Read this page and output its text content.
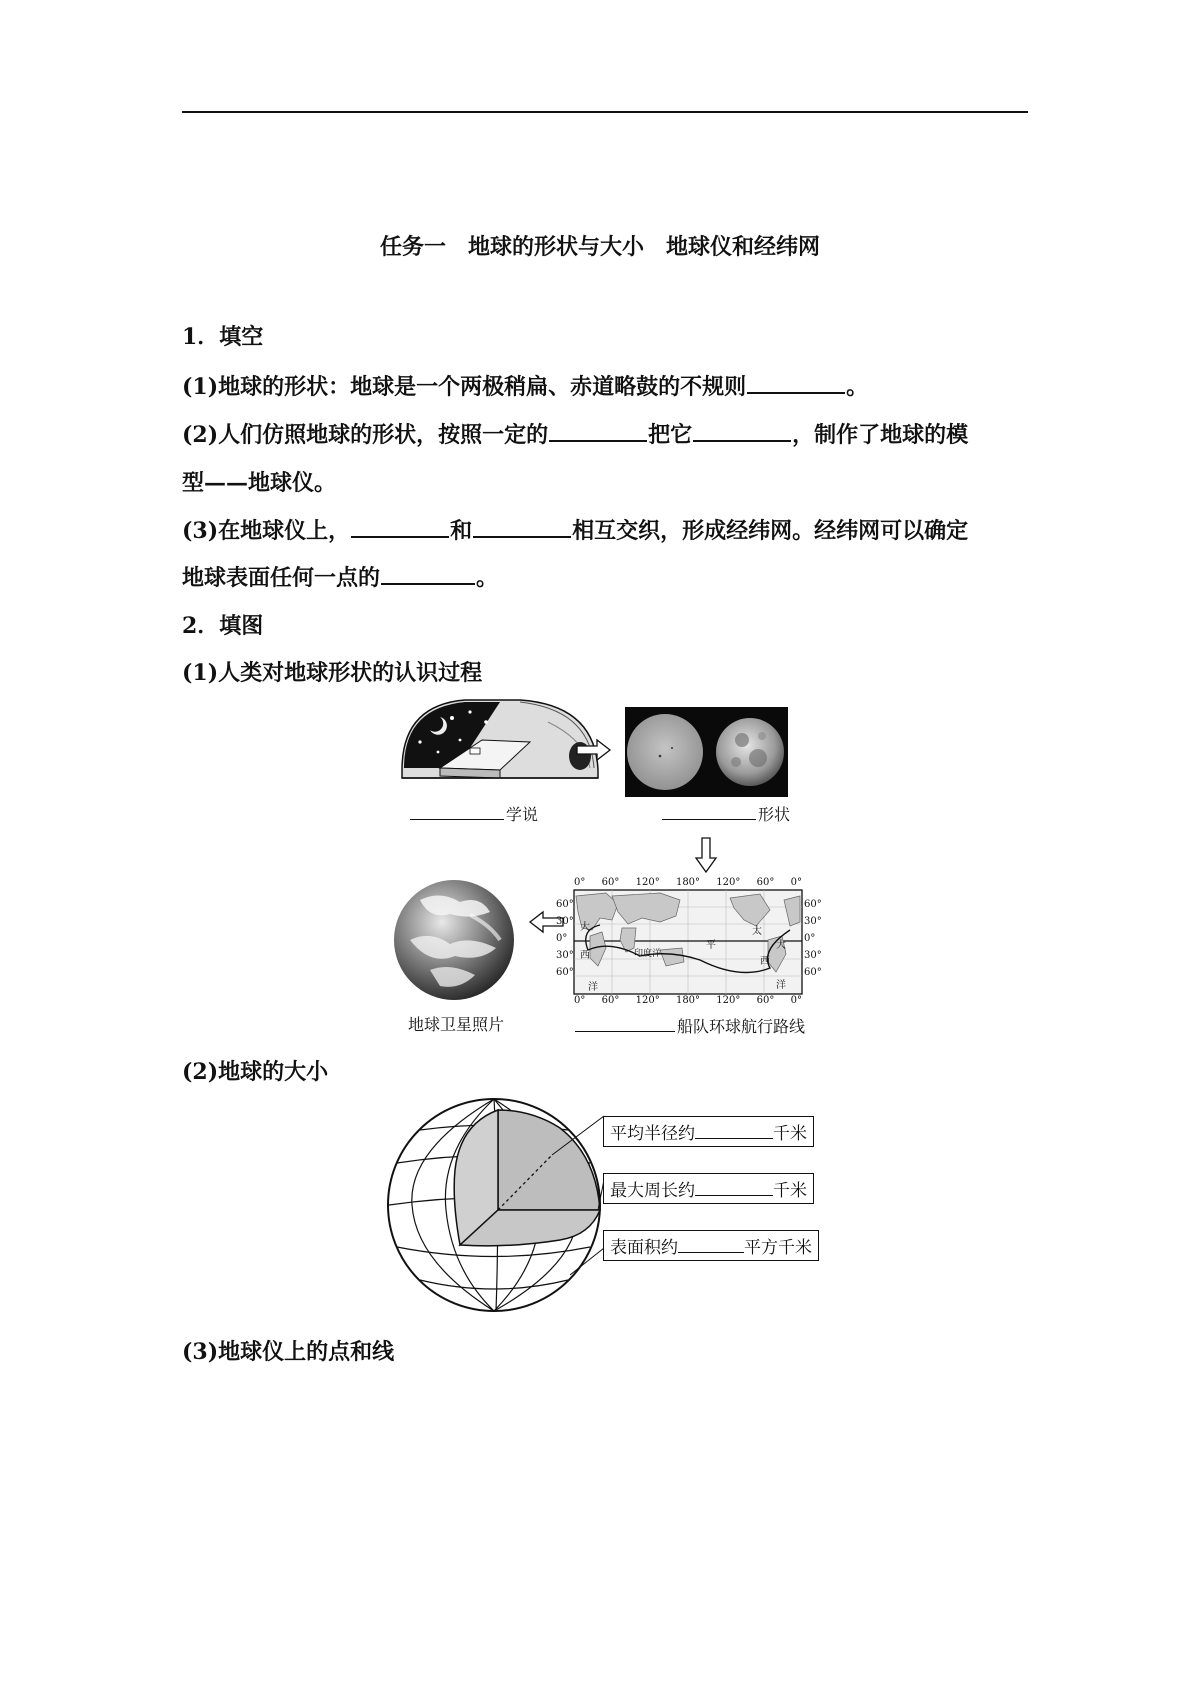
任务一　地球的形状与大小　地球仪和经纬网
1．填空
(1)地球的形状：地球是一个两极稍扁、赤道略鼓的不规则	。
(2)人们仿照地球的形状，按照一定的	把它	，制作了地球的模
型——地球仪。
(3)在地球仪上，	和	相互交织，形成经纬网。经纬网可以确定
地球表面任何一点的	。
2．填图
(1)人类对地球形状的认识过程
0° 60° 120° 180° 120° 60° 0°
0° 60° 120° 180° 120° 60° 0°
60°
30°
0°
30°
60°
60°
30°
0°
30°
60°
大
西	印度洋
太
平
洋
大
西
洋
学说	形状
地球卫星照片	船队环球航行路线
(2)地球的大小
平均半径约	千米
最大周长约	千米
表面积约	平方千米
(3)地球仪上的点和线
